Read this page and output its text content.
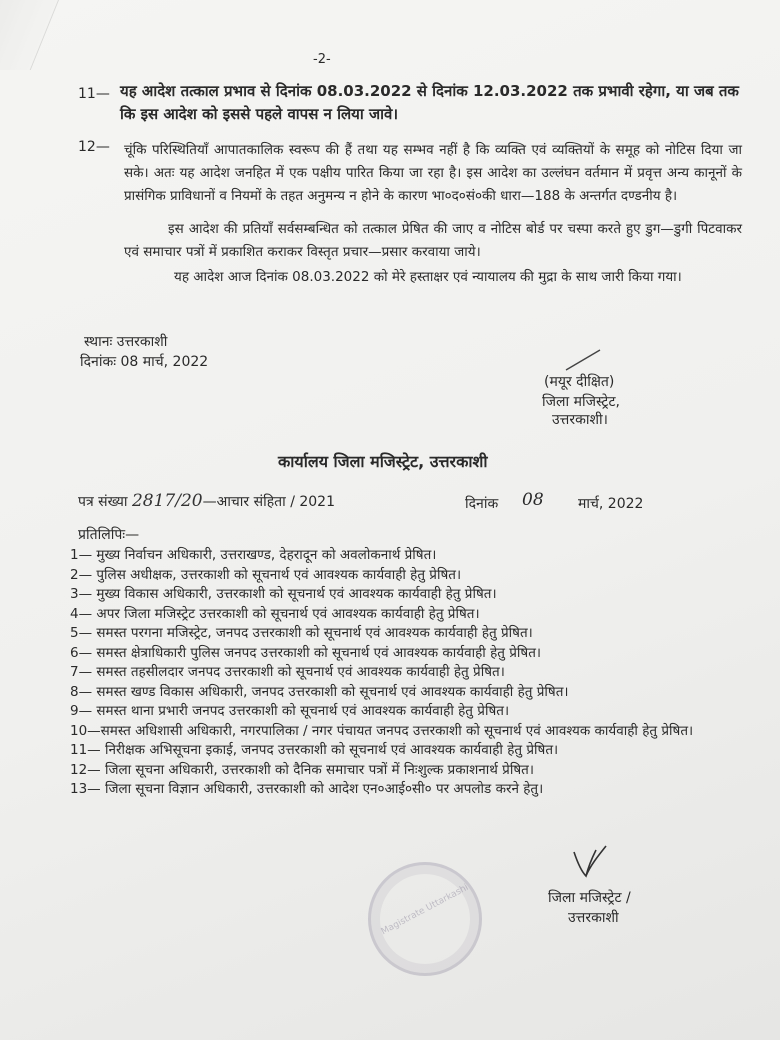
-2-
11— यह आदेश तत्काल प्रभाव से दिनांक 08.03.2022 से दिनांक 12.03.2022 तक प्रभावी रहेगा, या जब तक कि इस आदेश को इससे पहले वापस न लिया जावे।
12— चूंकि परिस्थितियाँ आपातकालिक स्वरूप की हैं तथा यह सम्भव नहीं है कि व्यक्ति एवं व्यक्तियों के समूह को नोटिस दिया जा सके। अतः यह आदेश जनहित में एक पक्षीय पारित किया जा रहा है। इस आदेश का उल्लंघन वर्तमान में प्रवृत्त अन्य कानूनों के प्रासंगिक प्राविधानों व नियमों के तहत अनुमन्य न होने के कारण भा०द०सं०की धारा—188 के अन्तर्गत दण्डनीय है।
इस आदेश की प्रतियाँ सर्वसम्बन्धित को तत्काल प्रेषित की जाए व नोटिस बोर्ड पर चस्पा करते हुए डुग—डुगी पिटवाकर एवं समाचार पत्रों में प्रकाशित कराकर विस्तृत प्रचार—प्रसार करवाया जाये।
यह आदेश आज दिनांक 08.03.2022 को मेरे हस्ताक्षर एवं न्यायालय की मुद्रा के साथ जारी किया गया।
स्थानः उत्तरकाशी
दिनांकः 08 मार्च, 2022
(मयूर दीक्षित)
जिला मजिस्ट्रेट,
उत्तरकाशी।
कार्यालय जिला मजिस्ट्रेट, उत्तरकाशी
पत्र संख्या 2817/20—आचार संहिता / 2021	दिनांक 08 मार्च, 2022
प्रतिलिपिः—
1— मुख्य निर्वाचन अधिकारी, उत्तराखण्ड, देहरादून को अवलोकनार्थ प्रेषित।
2— पुलिस अधीक्षक, उत्तरकाशी को सूचनार्थ एवं आवश्यक कार्यवाही हेतु प्रेषित।
3— मुख्य विकास अधिकारी, उत्तरकाशी को सूचनार्थ एवं आवश्यक कार्यवाही हेतु प्रेषित।
4— अपर जिला मजिस्ट्रेट उत्तरकाशी को सूचनार्थ एवं आवश्यक कार्यवाही हेतु प्रेषित।
5— समस्त परगना मजिस्ट्रेट, जनपद उत्तरकाशी को सूचनार्थ एवं आवश्यक कार्यवाही हेतु प्रेषित।
6— समस्त क्षेत्राधिकारी पुलिस जनपद उत्तरकाशी को सूचनार्थ एवं आवश्यक कार्यवाही हेतु प्रेषित।
7— समस्त तहसीलदार जनपद उत्तरकाशी को सूचनार्थ एवं आवश्यक कार्यवाही हेतु प्रेषित।
8— समस्त खण्ड विकास अधिकारी, जनपद उत्तरकाशी को सूचनार्थ एवं आवश्यक कार्यवाही हेतु प्रेषित।
9— समस्त थाना प्रभारी जनपद उत्तरकाशी को सूचनार्थ एवं आवश्यक कार्यवाही हेतु प्रेषित।
10—समस्त अधिशासी अधिकारी, नगरपालिका / नगर पंचायत जनपद उत्तरकाशी को सूचनार्थ एवं आवश्यक कार्यवाही हेतु प्रेषित।
11— निरीक्षक अभिसूचना इकाई, जनपद उत्तरकाशी को सूचनार्थ एवं आवश्यक कार्यवाही हेतु प्रेषित।
12— जिला सूचना अधिकारी, उत्तरकाशी को दैनिक समाचार पत्रों में निःशुल्क प्रकाशनार्थ प्रेषित।
13— जिला सूचना विज्ञान अधिकारी, उत्तरकाशी को आदेश एन०आई०सी० पर अपलोड करने हेतु।
Magistrate Uttarkashi	जिला मजिस्ट्रेट /
उत्तरकाशी
